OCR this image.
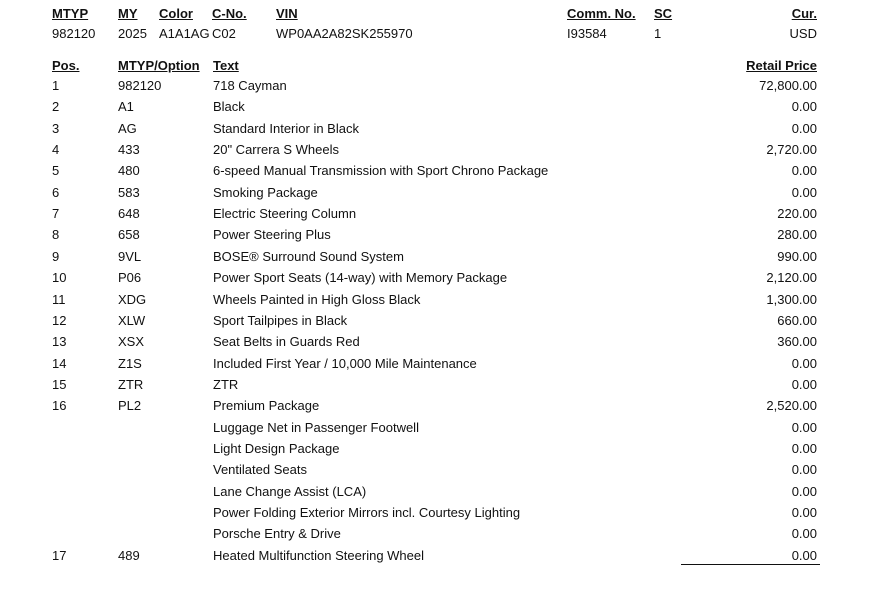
MTYP MY Color C-No. VIN	Comm. No. SC	Cur.
982120 2025 A1A1AG C02	WP0AA2A82SK255970	I93584	1	USD
Pos.	MTYP/Option Text	Retail Price
1	982120	718 Cayman	72,800.00
2	A1	Black	0.00
3	AG	Standard Interior in Black	0.00
4	433	20" Carrera S Wheels	2,720.00
5	480	6-speed Manual Transmission with Sport Chrono Package	0.00
6	583	Smoking Package	0.00
7	648	Electric Steering Column	220.00
8	658	Power Steering Plus	280.00
9	9VL	BOSE® Surround Sound System	990.00
10	P06	Power Sport Seats (14-way) with Memory Package	2,120.00
11	XDG	Wheels Painted in High Gloss Black	1,300.00
12	XLW	Sport Tailpipes in Black	660.00
13	XSX	Seat Belts in Guards Red	360.00
14	Z1S	Included First Year / 10,000 Mile Maintenance	0.00
15	ZTR	ZTR	0.00
16	PL2	Premium Package	2,520.00
Luggage Net in Passenger Footwell	0.00
Light Design Package	0.00
Ventilated Seats	0.00
Lane Change Assist (LCA)	0.00
Power Folding Exterior Mirrors incl. Courtesy Lighting	0.00
Porsche Entry & Drive	0.00
17	489	Heated Multifunction Steering Wheel	0.00
